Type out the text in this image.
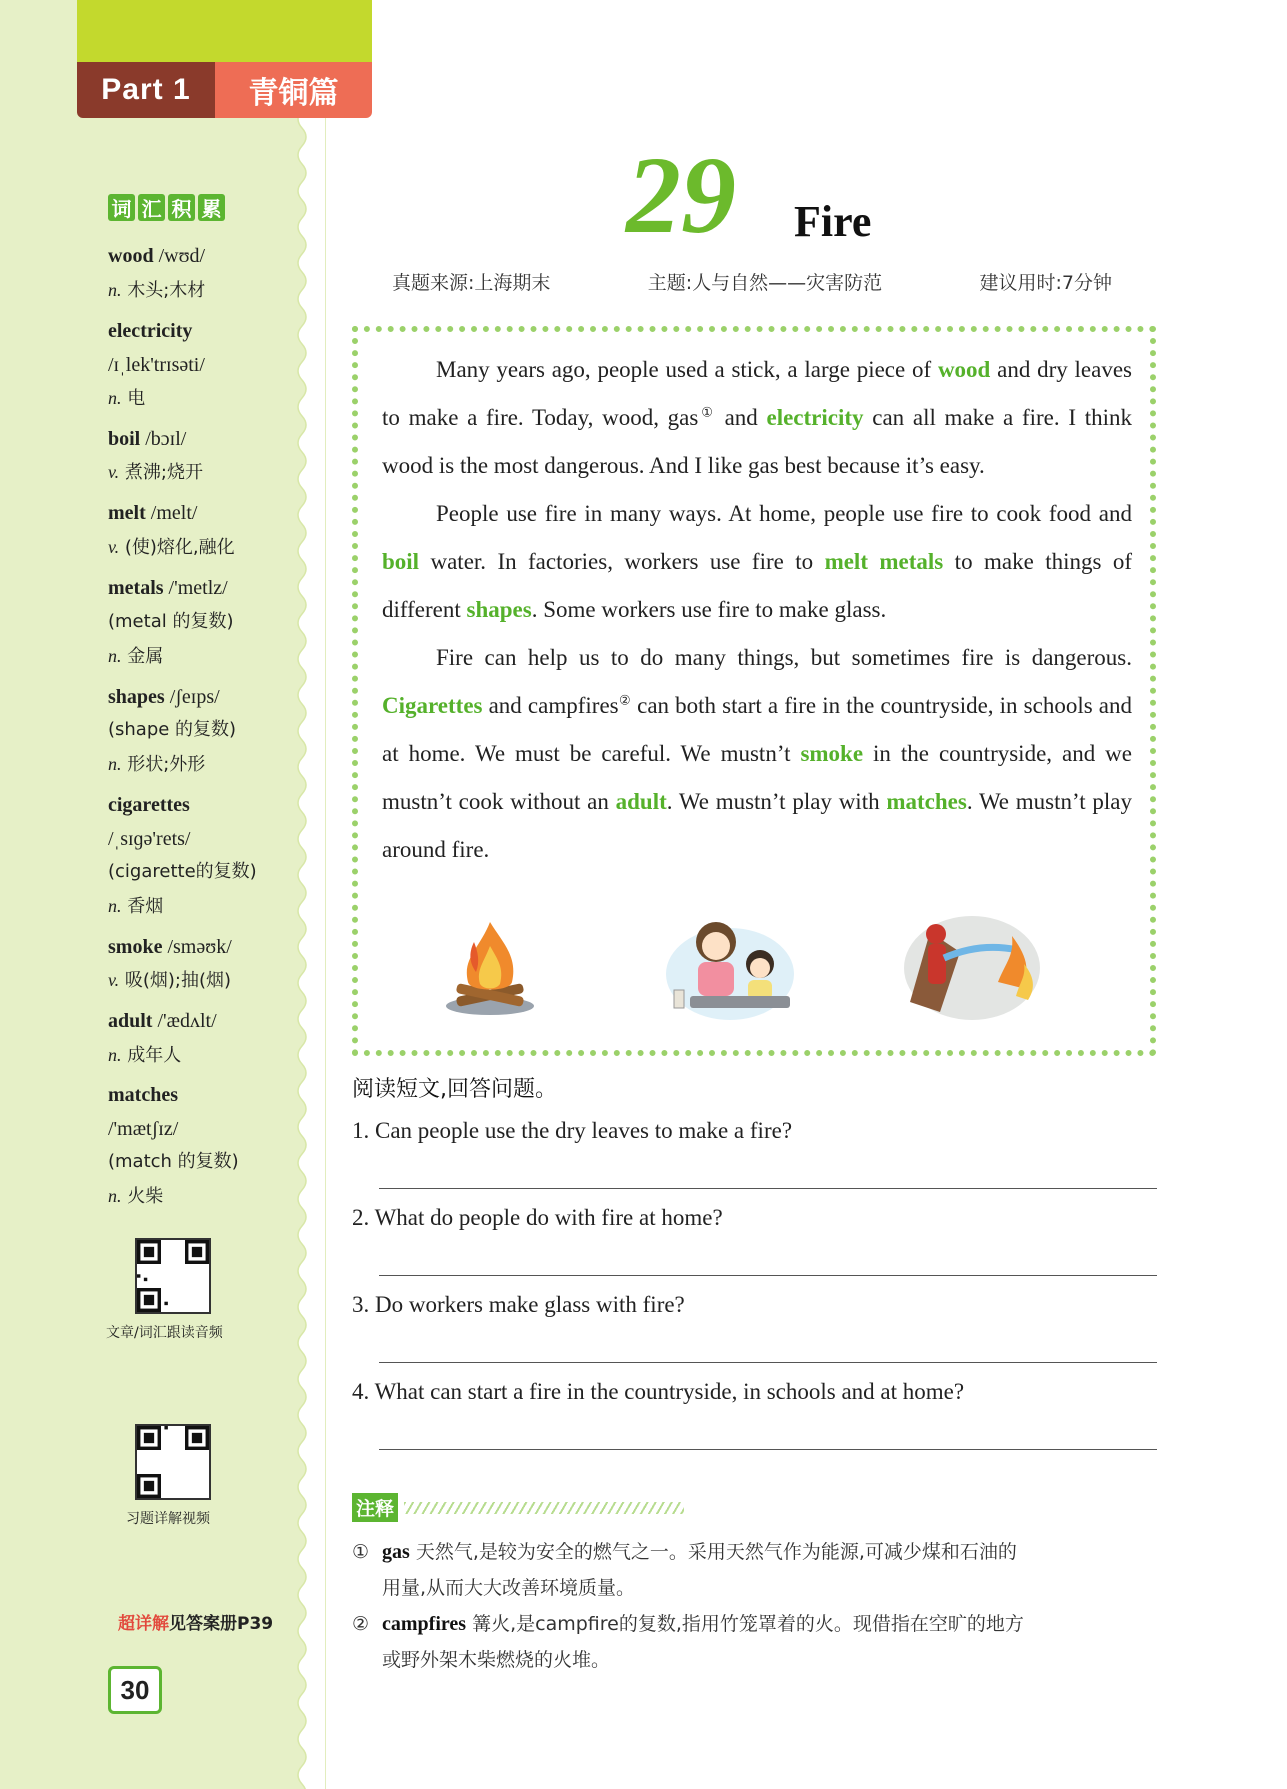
Part 1	青铜篇
词 汇 积 累
wood /wʊd/
n. 木头;木材
electricity
/ɪˌlek'trɪsəti/
n. 电
boil /bɔɪl/
v. 煮沸;烧开
melt /melt/
v. (使)熔化,融化
metals /'metlz/
(metal 的复数)
n. 金属
shapes /ʃeɪps/
(shape 的复数)
n. 形状;外形
cigarettes
/ˌsɪɡə'rets/
(cigarette的复数)
n. 香烟
smoke /sməʊk/
v. 吸(烟);抽(烟)
adult /'ædʌlt/
n. 成年人
matches
/'mætʃɪz/
(match 的复数)
n. 火柴
文章/词汇跟读音频
习题详解视频
超详解见答案册P39
30
29 Fire
真题来源:上海期末	主题:人与自然——灾害防范	建议用时:7分钟

Many years ago, people used a stick, a large piece of wood and dry leaves to make a fire. Today, wood, gas① and electricity can all make a fire. I think wood is the most dangerous. And I like gas best because it’s easy.

People use fire in many ways. At home, people use fire to cook food and boil water. In factories, workers use fire to melt metals to make things of different shapes. Some workers use fire to make glass.

Fire can help us to do many things, but sometimes fire is dangerous. Cigarettes and campfires② can both start a fire in the countryside, in schools and at home. We must be careful. We mustn’t smoke in the countryside, and we mustn’t cook without an adult. We mustn’t play with matches. We mustn’t play around fire.

阅读短文,回答问题。
1. Can people use the dry leaves to make a fire?
2. What do people do with fire at home?
3. Do workers make glass with fire?
4. What can start a fire in the countryside, in schools and at home?
注释
① gas 天然气,是较为安全的燃气之一。采用天然气作为能源,可减少煤和石油的
用量,从而大大改善环境质量。
② campfires 篝火,是campfire的复数,指用竹笼罩着的火。现借指在空旷的地方
或野外架木柴燃烧的火堆。
